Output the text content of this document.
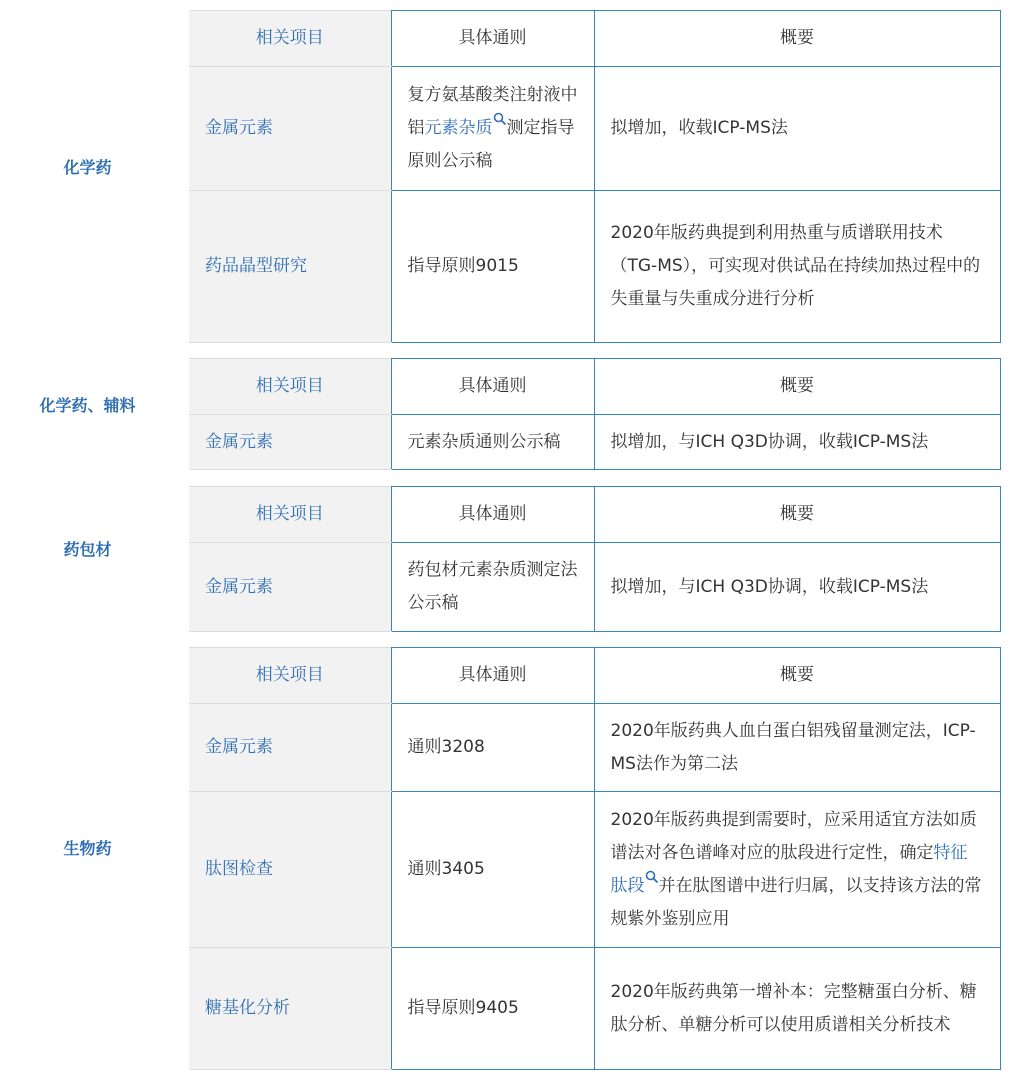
化学药
相关项目	具体通则	概要
金属元素	复方氨基酸类注射液中铝元素杂质 测定指导原则公示稿	拟增加，收载ICP-MS法
药品晶型研究	指导原则9015	2020年版药典提到利用热重与质谱联用技术（TG-MS），可实现对供试品在持续加热过程中的失重量与失重成分进行分析
化学药、辅料
相关项目	具体通则	概要
金属元素	元素杂质通则公示稿	拟增加，与ICH Q3D协调，收载ICP-MS法
药包材
相关项目	具体通则	概要
金属元素	药包材元素杂质测定法公示稿	拟增加，与ICH Q3D协调，收载ICP-MS法
生物药
相关项目	具体通则	概要
金属元素	通则3208	2020年版药典人血白蛋白铝残留量测定法，ICP-MS法作为第二法
肽图检查	通则3405	2020年版药典提到需要时，应采用适宜方法如质谱法对各色谱峰对应的肽段进行定性，确定特征肽段 并在肽图谱中进行归属，以支持该方法的常规紫外鉴别应用
糖基化分析	指导原则9405	2020年版药典第一增补本：完整糖蛋白分析、糖肽分析、单糖分析可以使用质谱相关分析技术
